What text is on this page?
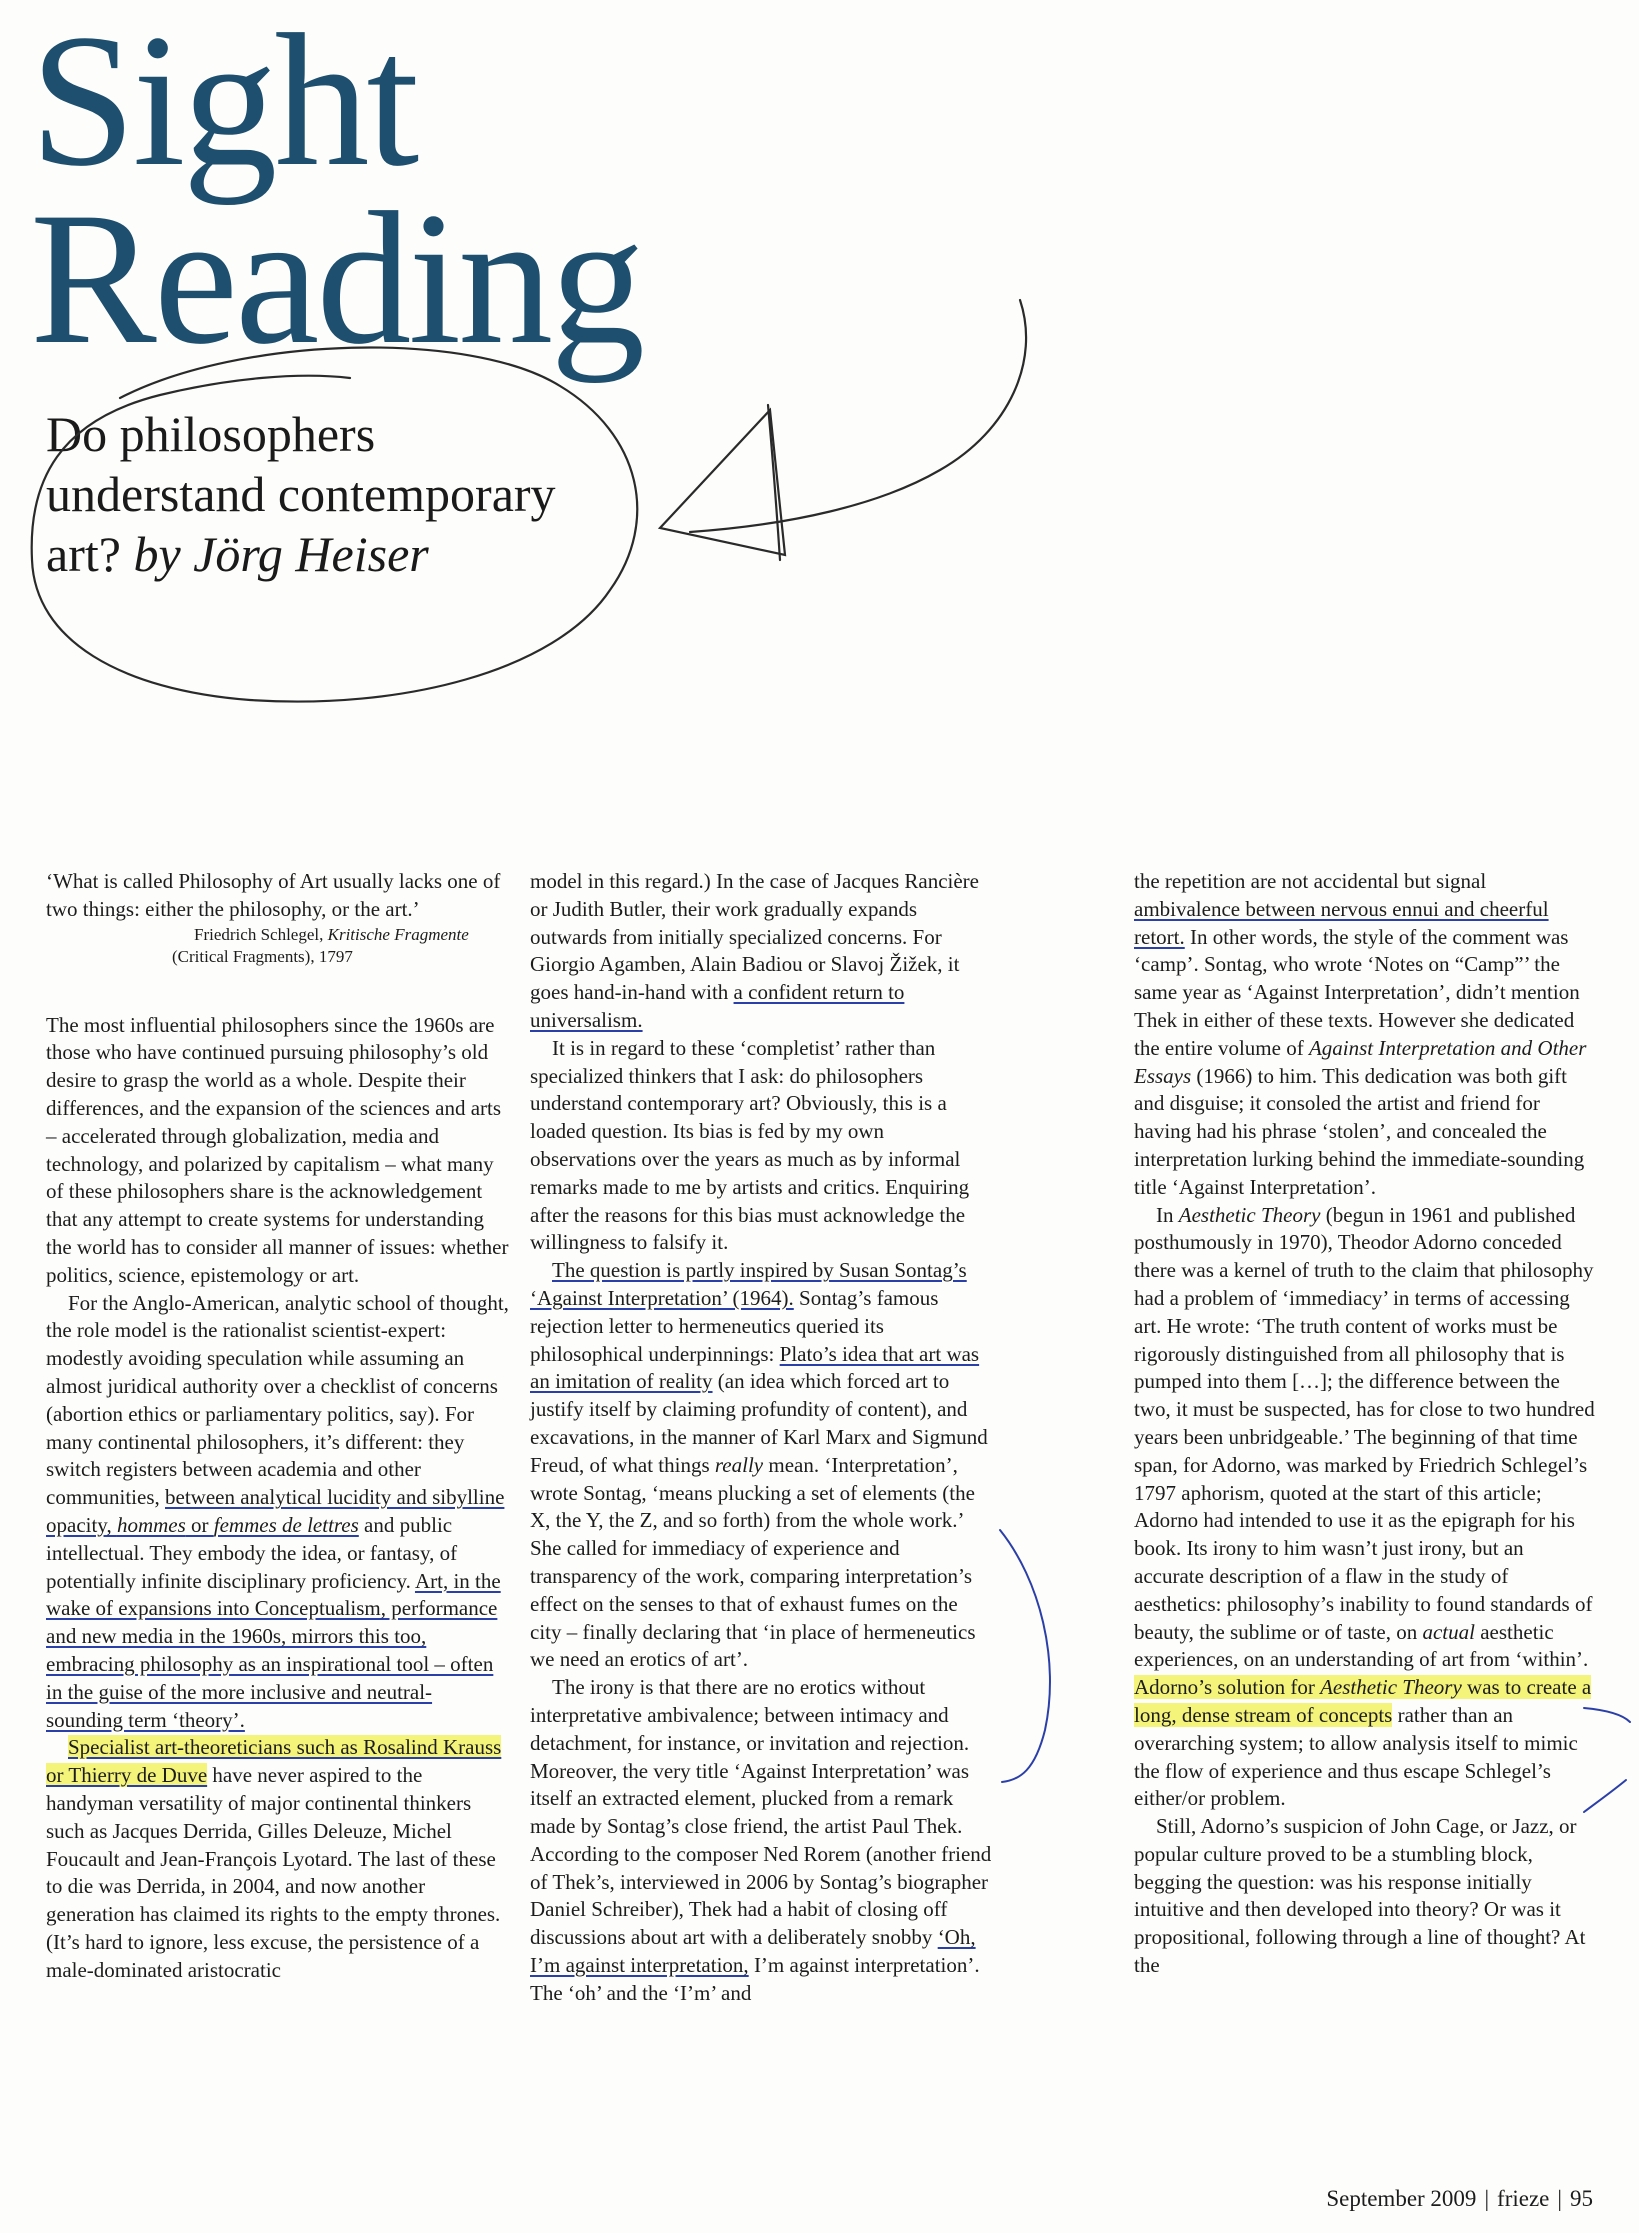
Sight
Reading
Do philosophers
understand contemporary
art? by Jörg Heiser

‘What is called Philosophy of Art usually lacks one of two things: either the philosophy, or the art.’

Friedrich Schlegel, Kritische Fragmente
(Critical Fragments), 1797

The most influential philosophers since the 1960s are those who have continued pursuing philosophy’s old desire to grasp the world as a whole. Despite their differences, and the expansion of the sciences and arts – accelerated through globalization, media and technology, and polarized by capitalism – what many of these philosophers share is the acknowledgement that any attempt to create systems for understanding the world has to consider all manner of issues: whether politics, science, epistemology or art.

For the Anglo-American, analytic school of thought, the role model is the rationalist scientist-expert: modestly avoiding speculation while assuming an almost juridical authority over a checklist of concerns (abortion ethics or parliamentary politics, say). For many continental philosophers, it’s different: they switch registers between academia and other communities, between analytical lucidity and sibylline opacity, hommes or femmes de lettres and public intellectual. They embody the idea, or fantasy, of potentially infinite disciplinary proficiency. Art, in the wake of expansions into Conceptualism, performance and new media in the 1960s, mirrors this too, embracing philosophy as an inspirational tool – often in the guise of the more inclusive and neutral-sounding term ‘theory’.

Specialist art-theoreticians such as Rosalind Krauss or Thierry de Duve have never aspired to the handyman versatility of major continental thinkers such as Jacques Derrida, Gilles Deleuze, Michel Foucault and Jean-François Lyotard. The last of these to die was Derrida, in 2004, and now another generation has claimed its rights to the empty thrones. (It’s hard to ignore, less excuse, the persistence of a male-dominated aristocratic

model in this regard.) In the case of Jacques Rancière or Judith Butler, their work gradually expands outwards from initially specialized concerns. For Giorgio Agamben, Alain Badiou or Slavoj Žižek, it goes hand-in-hand with a confident return to universalism.

It is in regard to these ‘completist’ rather than specialized thinkers that I ask: do philosophers understand contemporary art? Obviously, this is a loaded question. Its bias is fed by my own observations over the years as much as by informal remarks made to me by artists and critics. Enquiring after the reasons for this bias must acknowledge the willingness to falsify it.

The question is partly inspired by Susan Sontag’s ‘Against Interpretation’ (1964). Sontag’s famous rejection letter to hermeneutics queried its philosophical underpinnings: Plato’s idea that art was an imitation of reality (an idea which forced art to justify itself by claiming profundity of content), and excavations, in the manner of Karl Marx and Sigmund Freud, of what things really mean. ‘Interpretation’, wrote Sontag, ‘means plucking a set of elements (the X, the Y, the Z, and so forth) from the whole work.’ She called for immediacy of experience and transparency of the work, comparing interpretation’s effect on the senses to that of exhaust fumes on the city – finally declaring that ‘in place of hermeneutics we need an erotics of art’.

The irony is that there are no erotics without interpretative ambivalence; between intimacy and detachment, for instance, or invitation and rejection. Moreover, the very title ‘Against Interpretation’ was itself an extracted element, plucked from a remark made by Sontag’s close friend, the artist Paul Thek. According to the composer Ned Rorem (another friend of Thek’s, interviewed in 2006 by Sontag’s biographer Daniel Schreiber), Thek had a habit of closing off discussions about art with a deliberately snobby ‘Oh, I’m against interpretation, I’m against interpretation’. The ‘oh’ and the ‘I’m’ and

the repetition are not accidental but signal ambivalence between nervous ennui and cheerful retort. In other words, the style of the comment was ‘camp’. Sontag, who wrote ‘Notes on “Camp”’ the same year as ‘Against Interpretation’, didn’t mention Thek in either of these texts. However she dedicated the entire volume of Against Interpretation and Other Essays (1966) to him. This dedication was both gift and disguise; it consoled the artist and friend for having had his phrase ‘stolen’, and concealed the interpretation lurking behind the immediate-sounding title ‘Against Interpretation’.

In Aesthetic Theory (begun in 1961 and published posthumously in 1970), Theodor Adorno conceded there was a kernel of truth to the claim that philosophy had a problem of ‘immediacy’ in terms of accessing art. He wrote: ‘The truth content of works must be rigorously distinguished from all philosophy that is pumped into them […]; the difference between the two, it must be suspected, has for close to two hundred years been unbridgeable.’ The beginning of that time span, for Adorno, was marked by Friedrich Schlegel’s 1797 aphorism, quoted at the start of this article; Adorno had intended to use it as the epigraph for his book. Its irony to him wasn’t just irony, but an accurate description of a flaw in the study of aesthetics: philosophy’s inability to found standards of beauty, the sublime or of taste, on actual aesthetic experiences, on an understanding of art from ‘within’. Adorno’s solution for Aesthetic Theory was to create a long, dense stream of concepts rather than an overarching system; to allow analysis itself to mimic the flow of experience and thus escape Schlegel’s either/or problem.

Still, Adorno’s suspicion of John Cage, or Jazz, or popular culture proved to be a stumbling block, begging the question: was his response initially intuitive and then developed into theory? Or was it propositional, following through a line of thought? At the

September 2009 | frieze | 95
